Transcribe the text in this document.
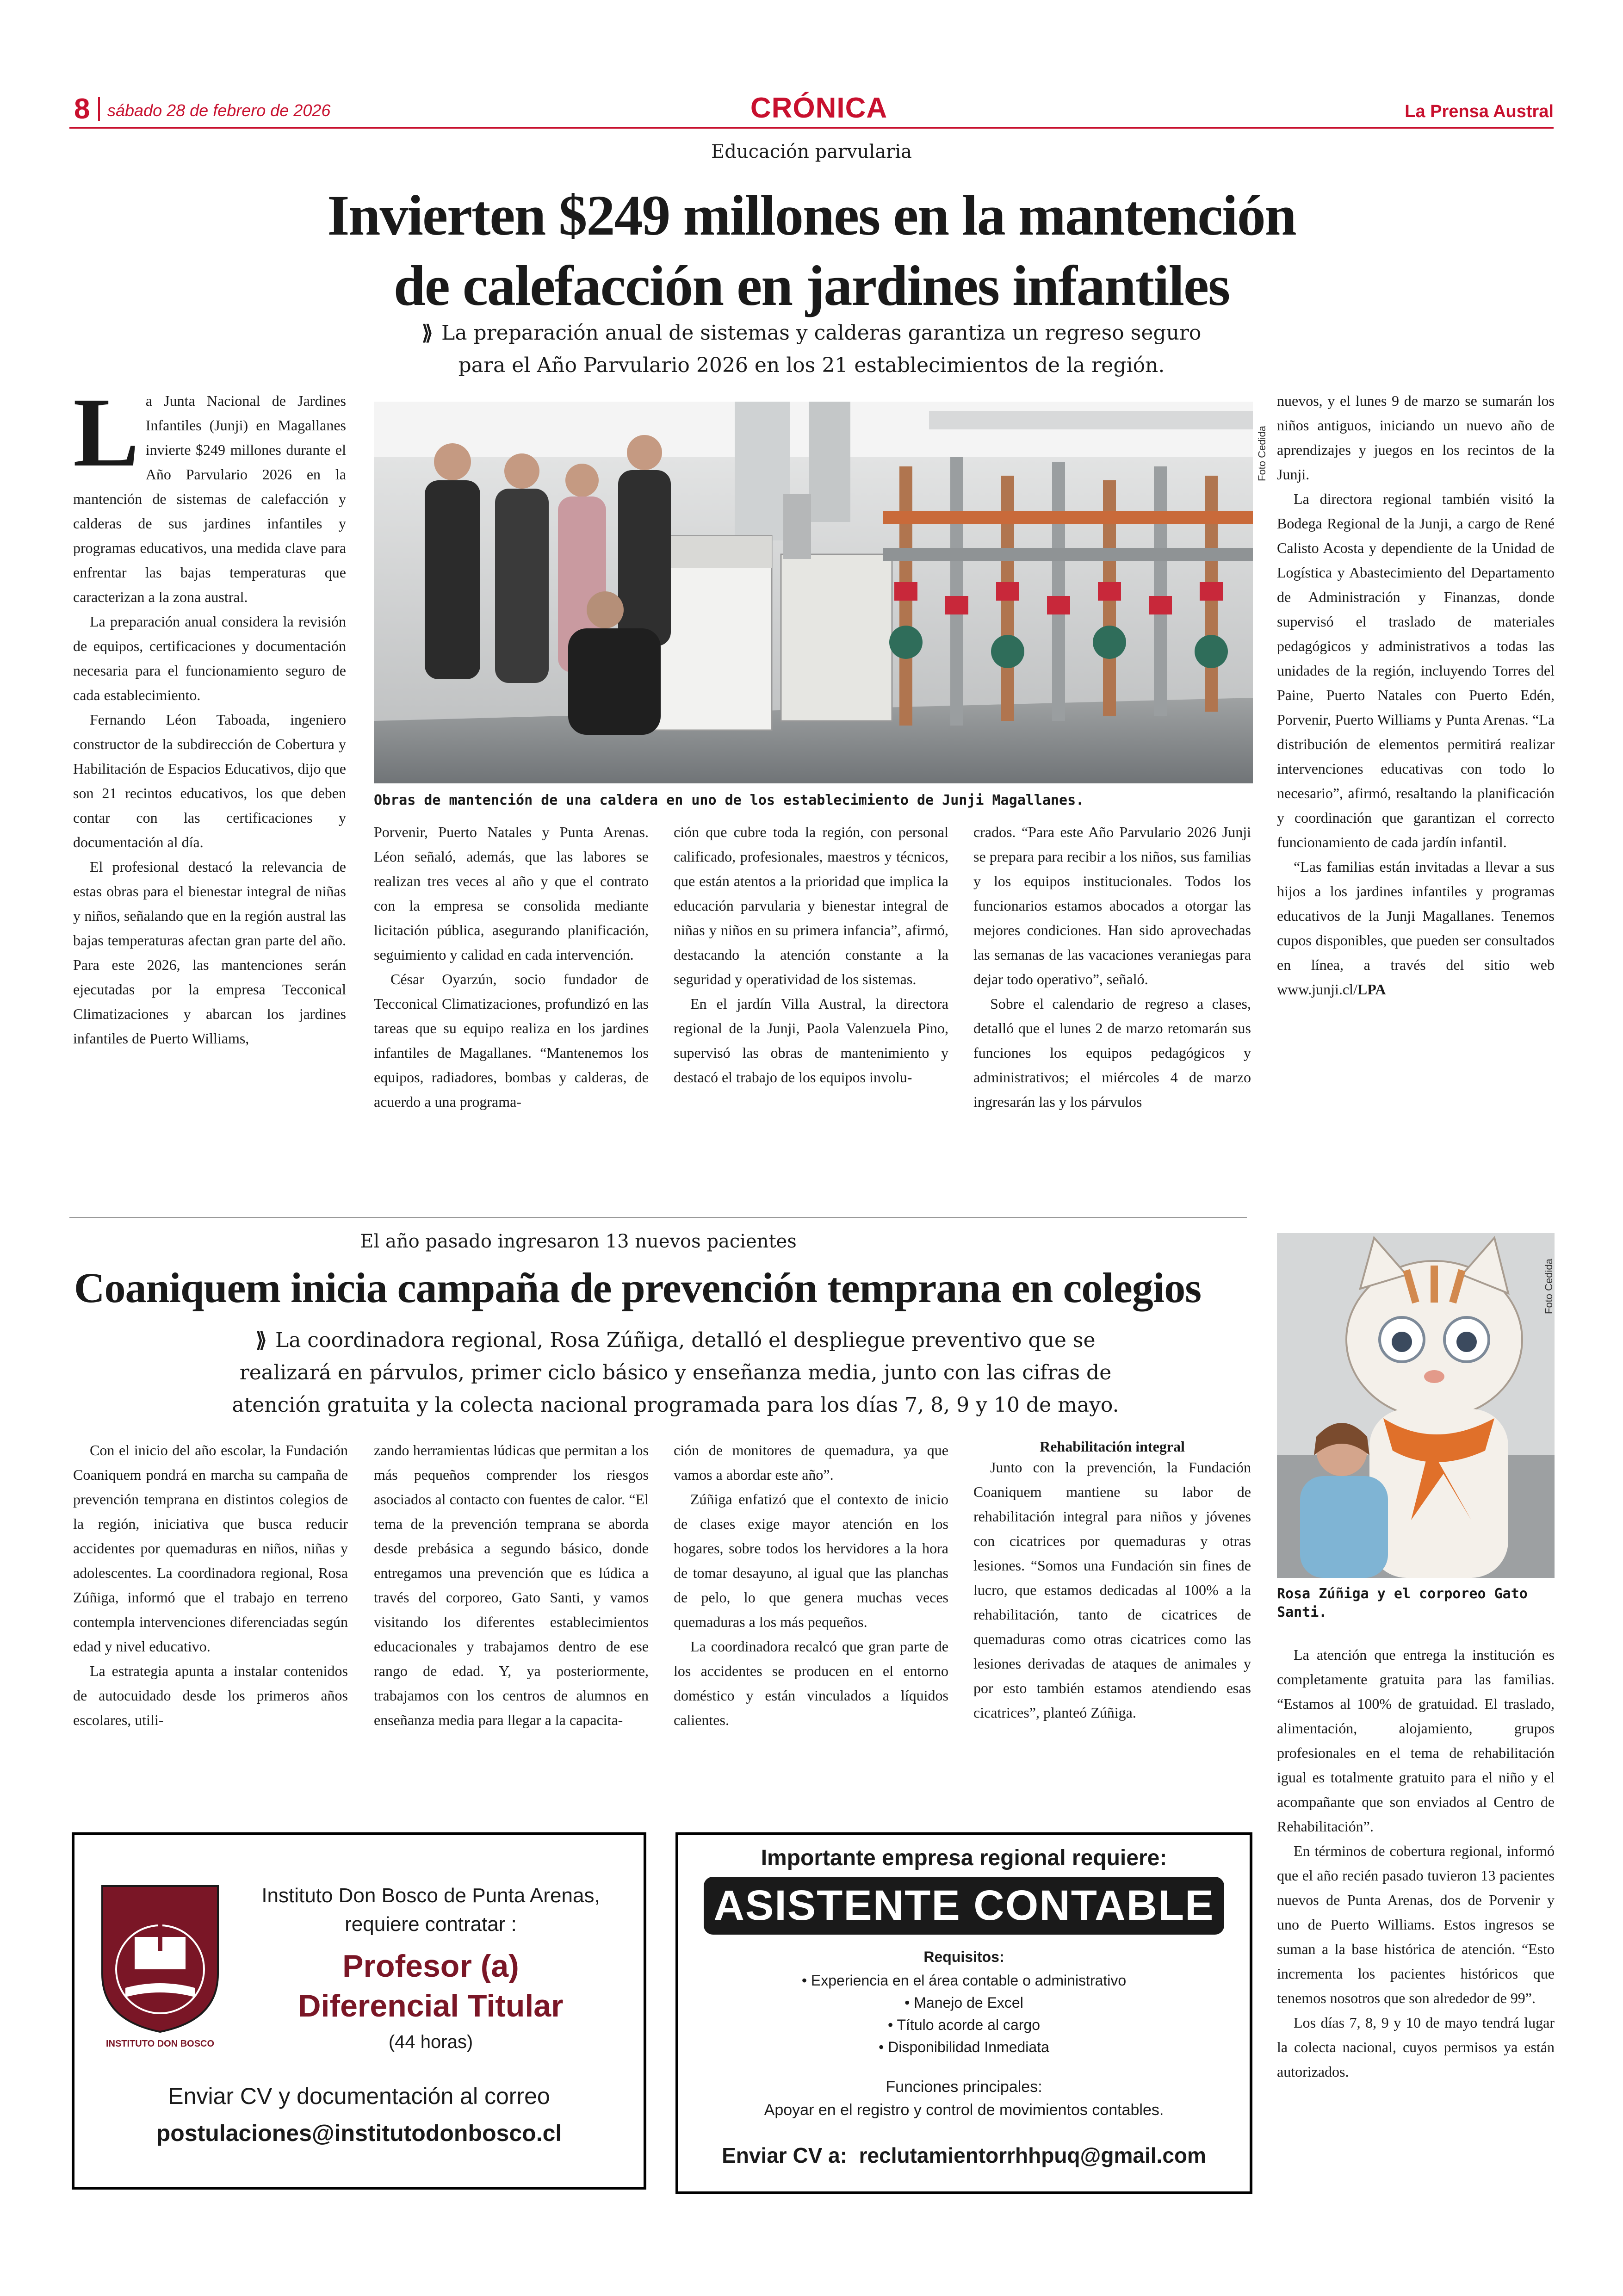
8 sábado 28 de febrero de 2026	CRÓNICA	La Prensa Austral
Educación parvularia
Invierten $249 millones en la mantención
de calefacción en jardines infantiles
⟫ La preparación anual de sistemas y calderas garantiza un regreso seguro
para el Año Parvulario 2026 en los 21 establecimientos de la región.
L a Junta Nacional de Jardines Infantiles (Junji) en Magallanes invierte $249 millones durante el Año Parvulario 2026 en la mantención de sistemas de calefacción y calderas de sus jardines infantiles y programas educativos, una medida clave para enfrentar las bajas temperaturas que caracterizan a la zona austral.

La preparación anual considera la revisión de equipos, certificaciones y documentación necesaria para el funcionamiento seguro de cada establecimiento.

Fernando Léon Taboada, ingeniero constructor de la subdirección de Cobertura y Habilitación de Espacios Educativos, dijo que son 21 recintos educativos, los que deben contar con las certificaciones y documentación al día.

El profesional destacó la relevancia de estas obras para el bienestar integral de niñas y niños, señalando que en la región austral las bajas temperaturas afectan gran parte del año. Para este 2026, las mantenciones serán ejecutadas por la empresa Tecconical Climatizaciones y abarcan los jardines infantiles de Puerto Williams,

Foto Cedida
Obras de mantención de una caldera en uno de los establecimiento de Junji Magallanes.

Porvenir, Puerto Natales y Punta Arenas. Léon señaló, además, que las labores se realizan tres veces al año y que el contrato con la empresa se consolida mediante licitación pública, asegurando planificación, seguimiento y calidad en cada intervención.

César Oyarzún, socio fundador de Tecconical Climatizaciones, profundizó en las tareas que su equipo realiza en los jardines infantiles de Magallanes. “Mantenemos los equipos, radiadores, bombas y calderas, de acuerdo a una programa-

ción que cubre toda la región, con personal calificado, profesionales, maestros y técnicos, que están atentos a la prioridad que implica la educación parvularia y bienestar integral de niñas y niños en su primera infancia”, afirmó, destacando la atención constante a la seguridad y operatividad de los sistemas.

En el jardín Villa Austral, la directora regional de la Junji, Paola Valenzuela Pino, supervisó las obras de mantenimiento y destacó el trabajo de los equipos involu-

crados. “Para este Año Parvulario 2026 Junji se prepara para recibir a los niños, sus familias y los equipos institucionales. Todos los funcionarios estamos abocados a otorgar las mejores condiciones. Han sido aprovechadas las semanas de las vacaciones veraniegas para dejar todo operativo”, señaló.

Sobre el calendario de regreso a clases, detalló que el lunes 2 de marzo retomarán sus funciones los equipos pedagógicos y administrativos; el miércoles 4 de marzo ingresarán las y los párvulos

nuevos, y el lunes 9 de marzo se sumarán los niños antiguos, iniciando un nuevo año de aprendizajes y juegos en los recintos de la Junji.

La directora regional también visitó la Bodega Regional de la Junji, a cargo de René Calisto Acosta y dependiente de la Unidad de Logística y Abastecimiento del Departamento de Administración y Finanzas, donde supervisó el traslado de materiales pedagógicos y administrativos a todas las unidades de la región, incluyendo Torres del Paine, Puerto Natales con Puerto Edén, Porvenir, Puerto Williams y Punta Arenas. “La distribución de elementos permitirá realizar intervenciones educativas con todo lo necesario”, afirmó, resaltando la planificación y coordinación que garantizan el correcto funcionamiento de cada jardín infantil.

“Las familias están invitadas a llevar a sus hijos a los jardines infantiles y programas educativos de la Junji Magallanes. Tenemos cupos disponibles, que pueden ser consultados en línea, a través del sitio web www.junji.cl/LPA

El año pasado ingresaron 13 nuevos pacientes
Coaniquem inicia campaña de prevención temprana en colegios
⟫ La coordinadora regional, Rosa Zúñiga, detalló el despliegue preventivo que se
realizará en párvulos, primer ciclo básico y enseñanza media, junto con las cifras de
atención gratuita y la colecta nacional programada para los días 7, 8, 9 y 10 de mayo.
Foto Cedida
Rosa Zúñiga y el corporeo Gato Santi.

Con el inicio del año escolar, la Fundación Coaniquem pondrá en marcha su campaña de prevención temprana en distintos colegios de la región, iniciativa que busca reducir accidentes por quemaduras en niños, niñas y adolescentes. La coordinadora regional, Rosa Zúñiga, informó que el trabajo en terreno contempla intervenciones diferenciadas según edad y nivel educativo.

La estrategia apunta a instalar contenidos de autocuidado desde los primeros años escolares, utili-

zando herramientas lúdicas que permitan a los más pequeños comprender los riesgos asociados al contacto con fuentes de calor. “El tema de la prevención temprana se aborda desde prebásica a segundo básico, donde entregamos una prevención que es lúdica a través del corporeo, Gato Santi, y vamos visitando los diferentes establecimientos educacionales y trabajamos dentro de ese rango de edad. Y, ya posteriormente, trabajamos con los centros de alumnos en enseñanza media para llegar a la capacita-

ción de monitores de quemadura, ya que vamos a abordar este año”.

Zúñiga enfatizó que el contexto de inicio de clases exige mayor atención en los hogares, sobre todos los hervidores a la hora de tomar desayuno, al igual que las planchas de pelo, lo que genera muchas veces quemaduras a los más pequeños.

La coordinadora recalcó que gran parte de los accidentes se producen en el entorno doméstico y están vinculados a líquidos calientes.

Rehabilitación integral

Junto con la prevención, la Fundación Coaniquem mantiene su labor de rehabilitación integral para niños y jóvenes con cicatrices por quemaduras y otras lesiones. “Somos una Fundación sin fines de lucro, que estamos dedicadas al 100% a la rehabilitación, tanto de cicatrices de quemaduras como otras cicatrices como las lesiones derivadas de ataques de animales y por esto también estamos atendiendo esas cicatrices”, planteó Zúñiga.

La atención que entrega la institución es completamente gratuita para las familias. “Estamos al 100% de gratuidad. El traslado, alimentación, alojamiento, grupos profesionales en el tema de rehabilitación igual es totalmente gratuito para el niño y el acompañante que son enviados al Centro de Rehabilitación”.

En términos de cobertura regional, informó que el año recién pasado tuvieron 13 pacientes nuevos de Punta Arenas, dos de Porvenir y uno de Puerto Williams. Estos ingresos se suman a la base histórica de atención. “Esto incrementa los pacientes históricos que tenemos nosotros que son alrededor de 99”.

Los días 7, 8, 9 y 10 de mayo tendrá lugar la colecta nacional, cuyos permisos ya están autorizados.

PUNTA ARENAS
INSTITUTO DON BOSCO
Instituto Don Bosco de Punta Arenas,
requiere contratar :
Profesor (a)
Diferencial Titular
(44 horas)
Enviar CV y documentación al correo
postulaciones@institutodonbosco.cl
Importante empresa regional requiere:
ASISTENTE CONTABLE
Requisitos:
• Experiencia en el área contable o administrativo
• Manejo de Excel
• Título acorde al cargo
• Disponibilidad Inmediata
Funciones principales:
Apoyar en el registro y control de movimientos contables.
Enviar CV a: reclutamientorrhhpuq@gmail.com
